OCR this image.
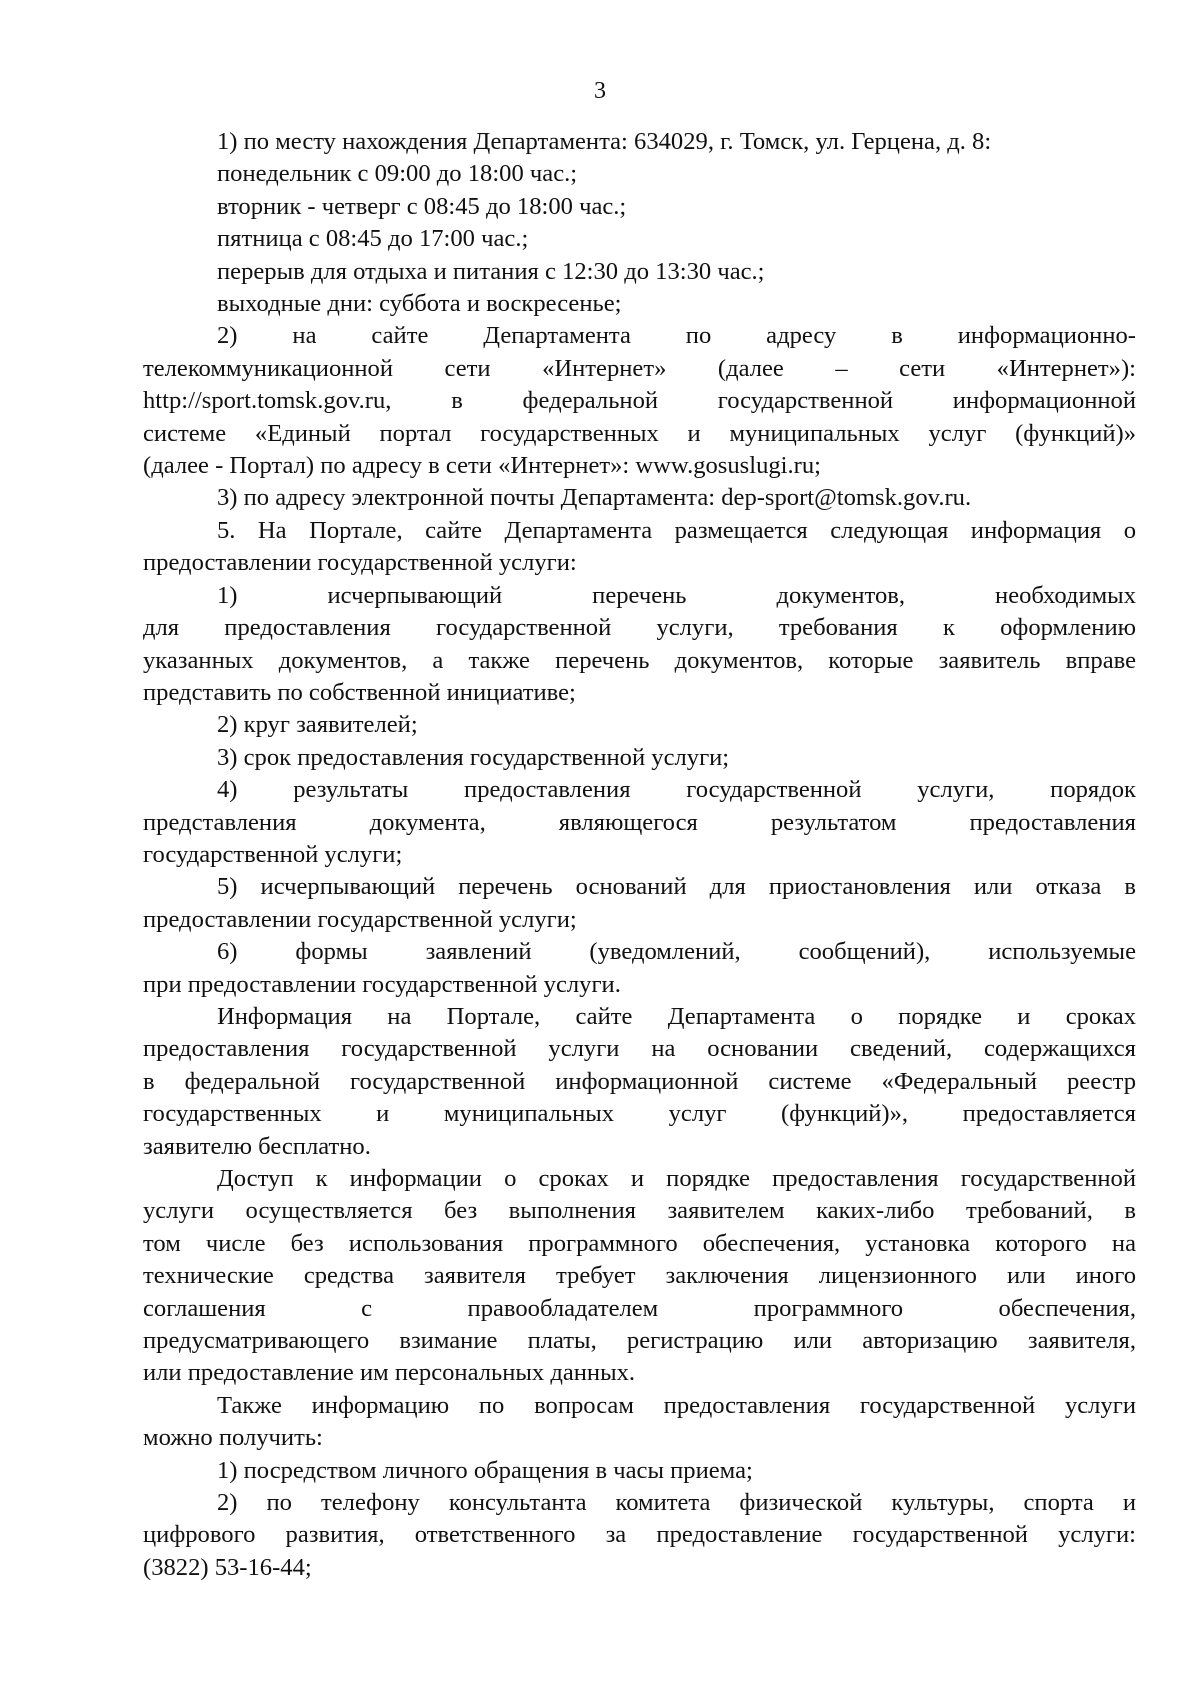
3

1) по месту нахождения Департамента: 634029, г. Томск, ул. Герцена, д. 8:

понедельник с 09:00 до 18:00 час.;

вторник - четверг с 08:45 до 18:00 час.;

пятница с 08:45 до 17:00 час.;

перерыв для отдыха и питания с 12:30 до 13:30 час.;

выходные дни: суббота и воскресенье;

2) на сайте Департамента по адресу в информационно-

телекоммуникационной сети «Интернет» (далее – сети «Интернет»):

http://sport.tomsk.gov.ru, в федеральной государственной информационной

системе «Единый портал государственных и муниципальных услуг (функций)»

(далее - Портал) по адресу в сети «Интернет»: www.gosuslugi.ru;

3) по адресу электронной почты Департамента: dep-sport@tomsk.gov.ru.

5. На Портале, сайте Департамента размещается следующая информация о

предоставлении государственной услуги:

1) исчерпывающий перечень документов, необходимых

для предоставления государственной услуги, требования к оформлению

указанных документов, а также перечень документов, которые заявитель вправе

представить по собственной инициативе;

2) круг заявителей;

3) срок предоставления государственной услуги;

4) результаты предоставления государственной услуги, порядок

представления документа, являющегося результатом предоставления

государственной услуги;

5) исчерпывающий перечень оснований для приостановления или отказа в

предоставлении государственной услуги;

6) формы заявлений (уведомлений, сообщений), используемые

при предоставлении государственной услуги.

Информация на Портале, сайте Департамента о порядке и сроках

предоставления государственной услуги на основании сведений, содержащихся

в федеральной государственной информационной системе «Федеральный реестр

государственных и муниципальных услуг (функций)», предоставляется

заявителю бесплатно.

Доступ к информации о сроках и порядке предоставления государственной

услуги осуществляется без выполнения заявителем каких-либо требований, в

том числе без использования программного обеспечения, установка которого на

технические средства заявителя требует заключения лицензионного или иного

соглашения с правообладателем программного обеспечения,

предусматривающего взимание платы, регистрацию или авторизацию заявителя,

или предоставление им персональных данных.

Также информацию по вопросам предоставления государственной услуги

можно получить:

1) посредством личного обращения в часы приема;

2) по телефону консультанта комитета физической культуры, спорта и

цифрового развития, ответственного за предоставление государственной услуги:

(3822) 53-16-44;
